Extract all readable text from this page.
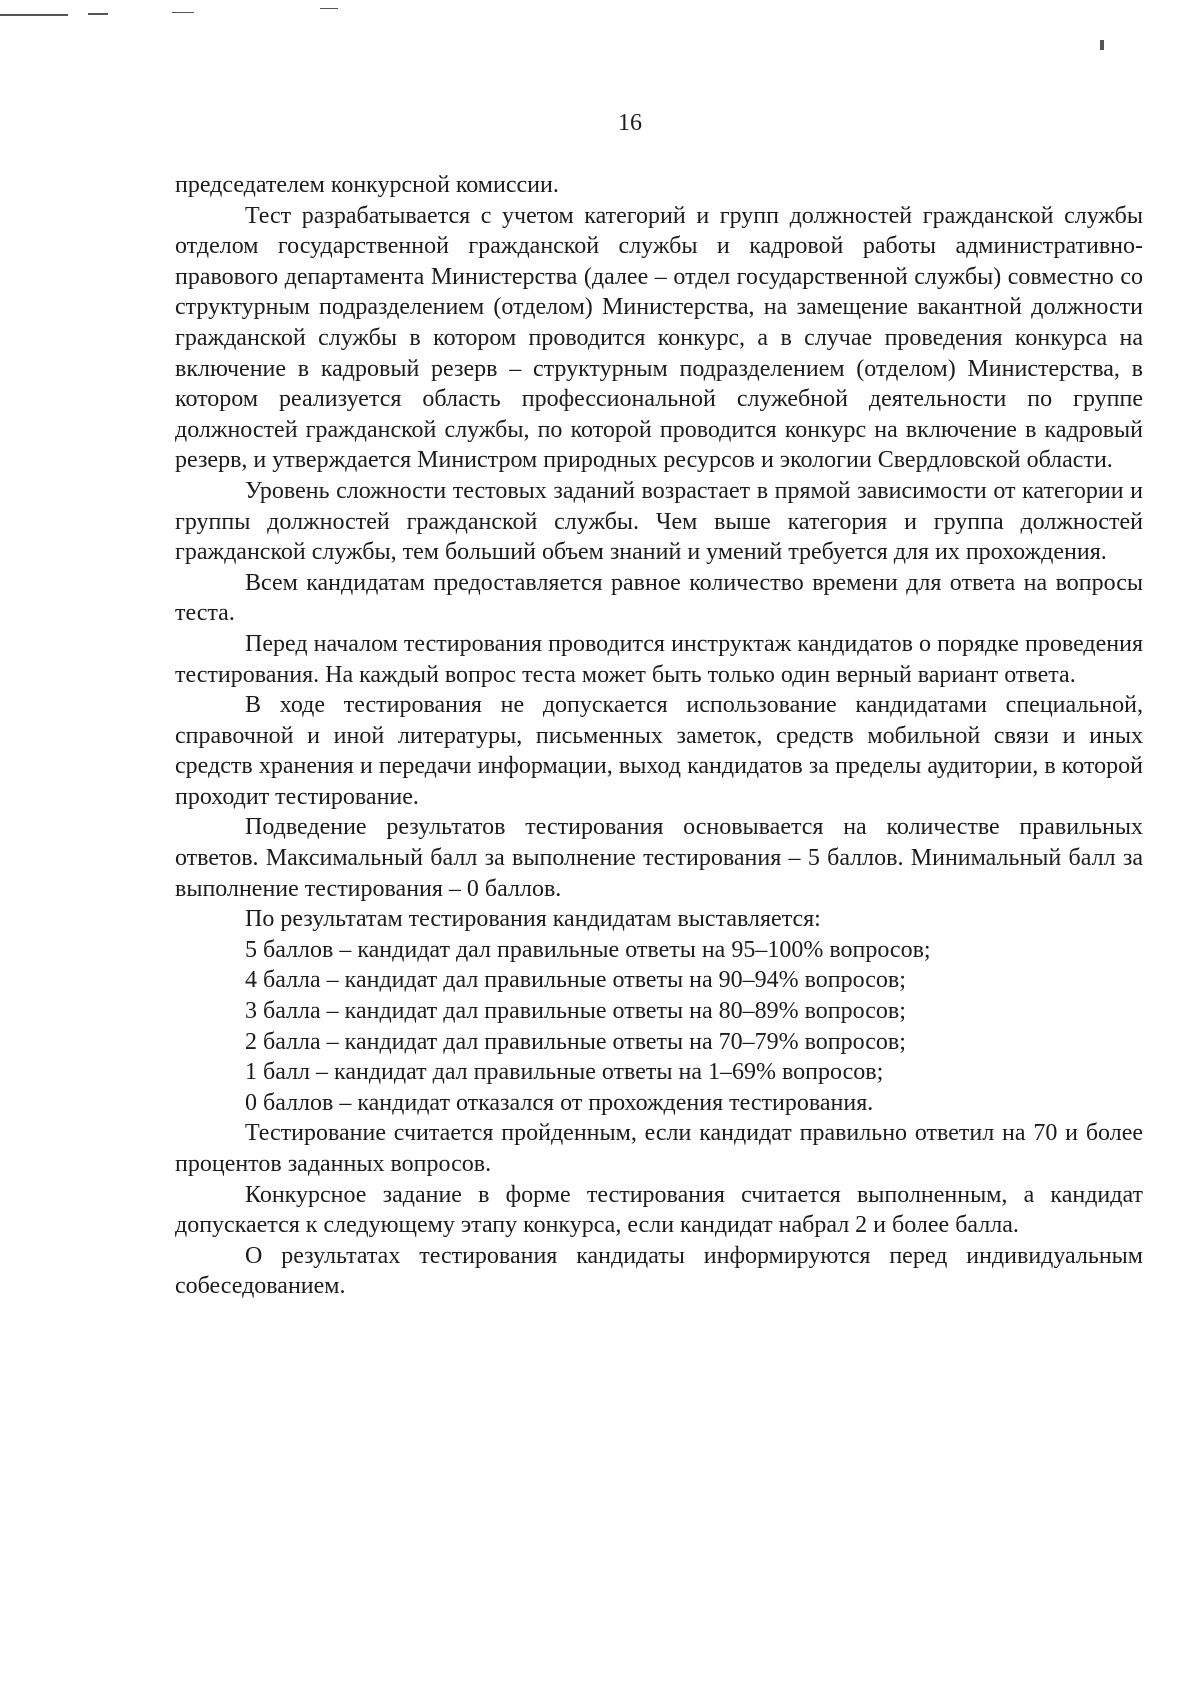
16

председателем конкурсной комиссии.

Тест разрабатывается с учетом категорий и групп должностей гражданской службы отделом государственной гражданской службы и кадровой работы административно-правового департамента Министерства (далее – отдел государственной службы) совместно со структурным подразделением (отделом) Министерства, на замещение вакантной должности гражданской службы в котором проводится конкурс, а в случае проведения конкурса на включение в кадровый резерв – структурным подразделением (отделом) Министерства, в котором реализуется область профессиональной служебной деятельности по группе должностей гражданской службы, по которой проводится конкурс на включение в кадровый резерв, и утверждается Министром природных ресурсов и экологии Свердловской области.

Уровень сложности тестовых заданий возрастает в прямой зависимости от категории и группы должностей гражданской службы. Чем выше категория и группа должностей гражданской службы, тем больший объем знаний и умений требуется для их прохождения.

Всем кандидатам предоставляется равное количество времени для ответа на вопросы теста.

Перед началом тестирования проводится инструктаж кандидатов о порядке проведения тестирования. На каждый вопрос теста может быть только один верный вариант ответа.

В ходе тестирования не допускается использование кандидатами специальной, справочной и иной литературы, письменных заметок, средств мобильной связи и иных средств хранения и передачи информации, выход кандидатов за пределы аудитории, в которой проходит тестирование.

Подведение результатов тестирования основывается на количестве правильных ответов. Максимальный балл за выполнение тестирования – 5 баллов. Минимальный балл за выполнение тестирования – 0 баллов.

По результатам тестирования кандидатам выставляется:

5 баллов – кандидат дал правильные ответы на 95–100% вопросов;

4 балла – кандидат дал правильные ответы на 90–94% вопросов;

3 балла – кандидат дал правильные ответы на 80–89% вопросов;

2 балла – кандидат дал правильные ответы на 70–79% вопросов;

1 балл – кандидат дал правильные ответы на 1–69% вопросов;

0 баллов – кандидат отказался от прохождения тестирования.

Тестирование считается пройденным, если кандидат правильно ответил на 70 и более процентов заданных вопросов.

Конкурсное задание в форме тестирования считается выполненным, а кандидат допускается к следующему этапу конкурса, если кандидат набрал 2 и более балла.

О результатах тестирования кандидаты информируются перед индивидуальным собеседованием.
